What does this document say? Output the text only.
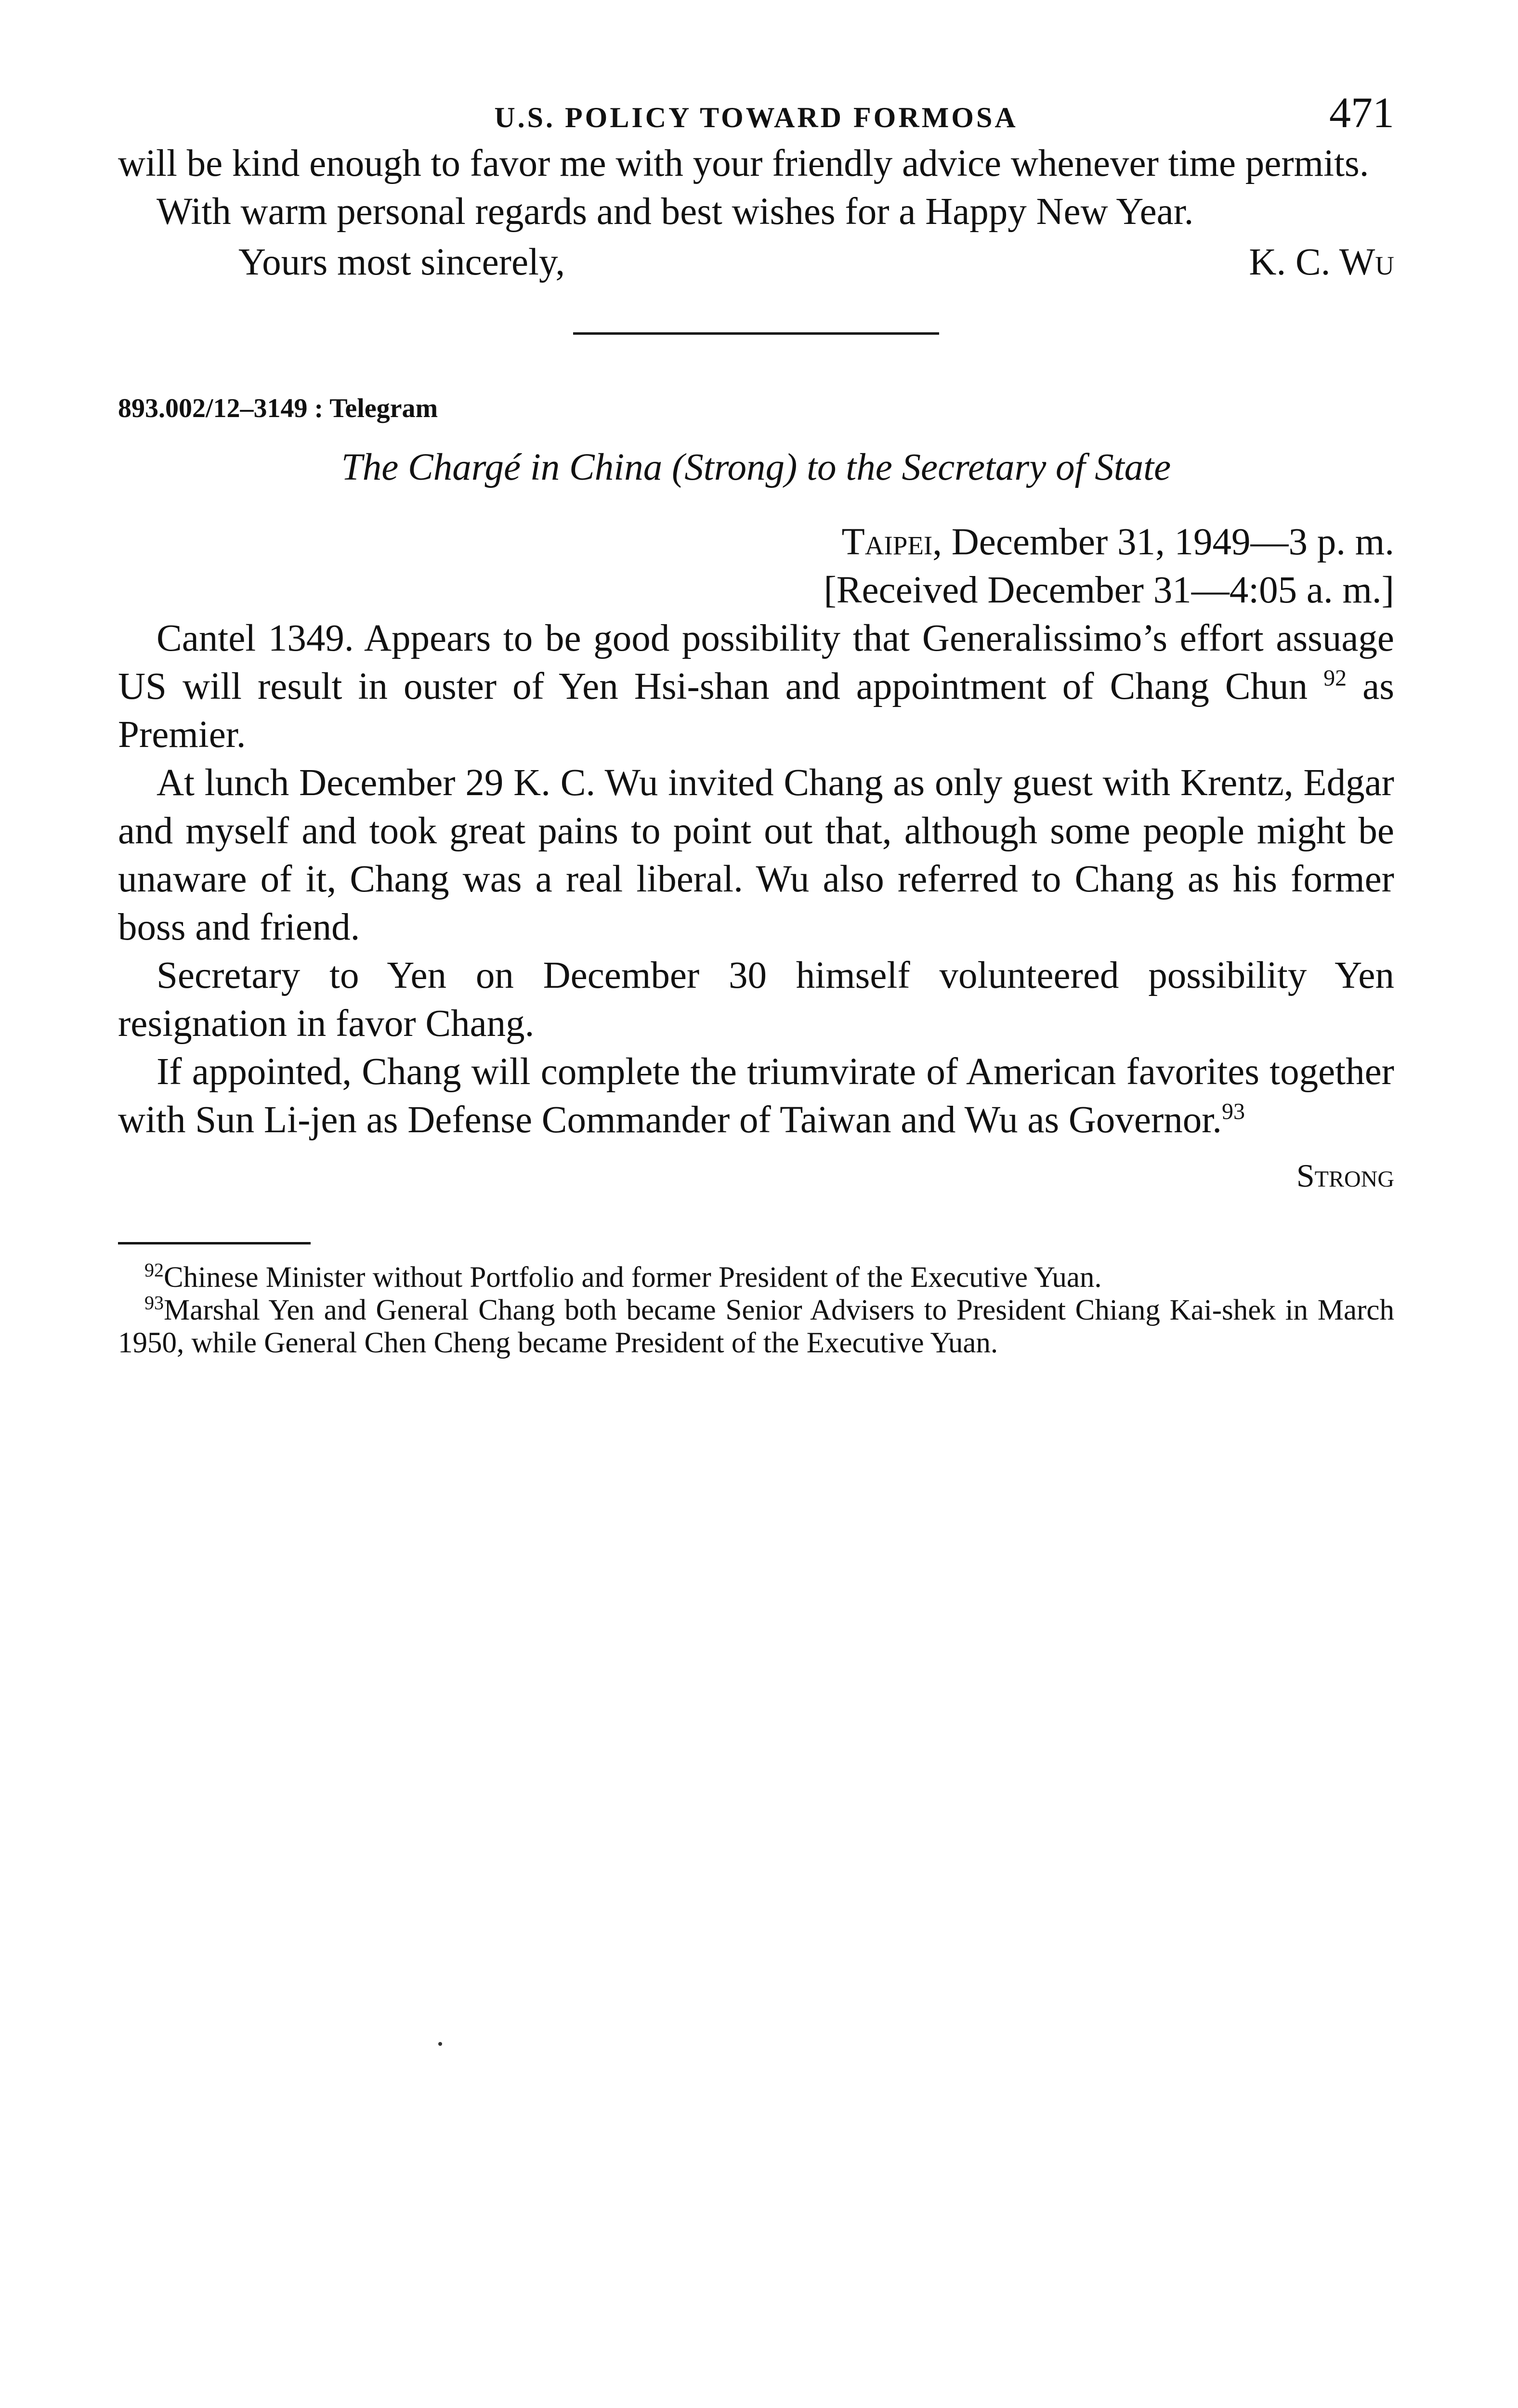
U.S. POLICY TOWARD FORMOSA	471

will be kind enough to favor me with your friendly advice whenever time permits.

With warm personal regards and best wishes for a Happy New Year.

Yours most sincerely,	K. C. Wu
893.002/12–3149 : Telegram
The Chargé in China (Strong) to the Secretary of State
Taipei, December 31, 1949—3 p. m.
[Received December 31—4:05 a. m.]

Cantel 1349. Appears to be good possibility that Generalissimo’s effort assuage US will result in ouster of Yen Hsi-shan and appointment of Chang Chun $^{92}$ as Premier.

At lunch December 29 K. C. Wu invited Chang as only guest with Krentz, Edgar and myself and took great pains to point out that, although some people might be unaware of it, Chang was a real liberal. Wu also referred to Chang as his former boss and friend.

Secretary to Yen on December 30 himself volunteered possibility Yen resignation in favor Chang.

If appointed, Chang will complete the triumvirate of American favorites together with Sun Li-jen as Defense Commander of Taiwan and Wu as Governor.$^{93}$

Strong

$^{92}$Chinese Minister without Portfolio and former President of the Executive Yuan.

$^{93}$Marshal Yen and General Chang both became Senior Advisers to President Chiang Kai-shek in March 1950, while General Chen Cheng became President of the Executive Yuan.
